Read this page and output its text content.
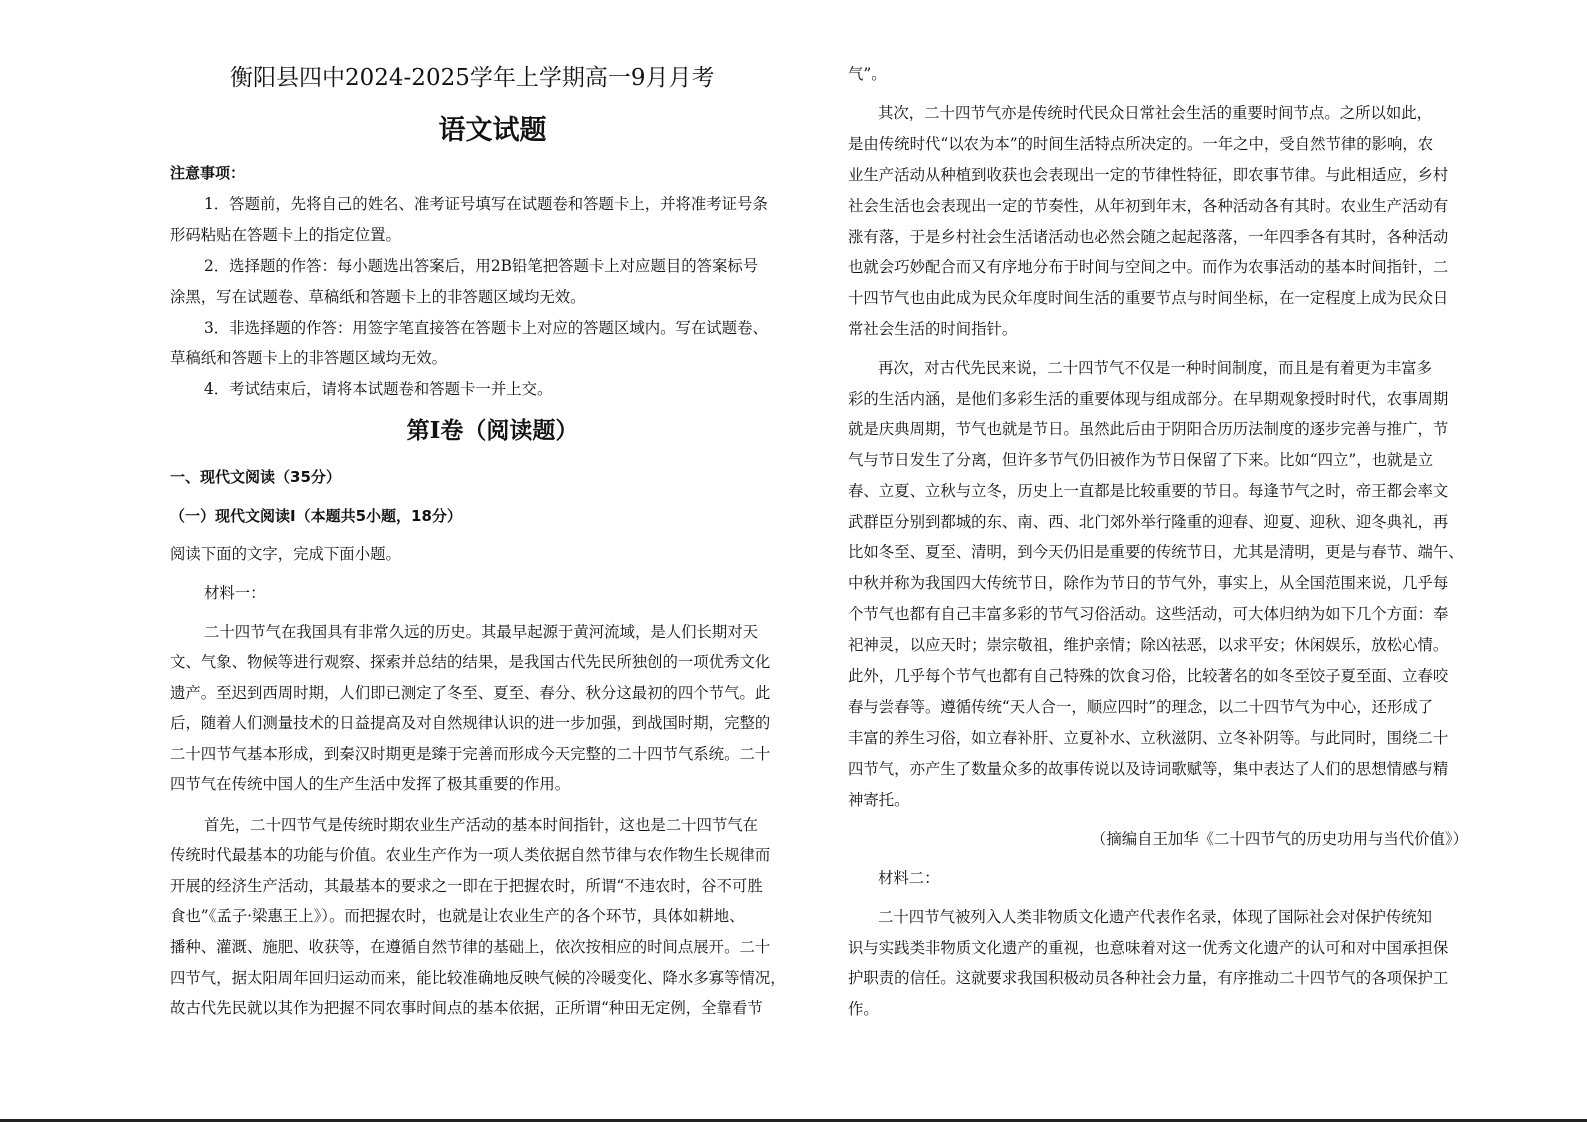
衡阳县四中2024-2025学年上学期高一9月月考
语文试题
注意事项：
1．答题前，先将自己的姓名、准考证号填写在试题卷和答题卡上，并将准考证号条
形码粘贴在答题卡上的指定位置。
2．选择题的作答：每小题选出答案后，用2B铅笔把答题卡上对应题目的答案标号
涂黑，写在试题卷、草稿纸和答题卡上的非答题区域均无效。
3．非选择题的作答：用签字笔直接答在答题卡上对应的答题区域内。写在试题卷、
草稿纸和答题卡上的非答题区域均无效。
4．考试结束后，请将本试题卷和答题卡一并上交。
第Ⅰ卷（阅读题）
一、现代文阅读（35分）
（一）现代文阅读Ⅰ（本题共5小题，18分）
阅读下面的文字，完成下面小题。
材料一：
二十四节气在我国具有非常久远的历史。其最早起源于黄河流域，是人们长期对天
文、气象、物候等进行观察、探索并总结的结果，是我国古代先民所独创的一项优秀文化
遗产。至迟到西周时期，人们即已测定了冬至、夏至、春分、秋分这最初的四个节气。此
后，随着人们测量技术的日益提高及对自然规律认识的进一步加强，到战国时期，完整的
二十四节气基本形成，到秦汉时期更是臻于完善而形成今天完整的二十四节气系统。二十
四节气在传统中国人的生产生活中发挥了极其重要的作用。
首先，二十四节气是传统时期农业生产活动的基本时间指针，这也是二十四节气在
传统时代最基本的功能与价值。农业生产作为一项人类依据自然节律与农作物生长规律而
开展的经济生产活动，其最基本的要求之一即在于把握农时，所谓“不违农时，谷不可胜
食也”《孟子·梁惠王上》）。而把握农时，也就是让农业生产的各个环节，具体如耕地、
播种、灌溉、施肥、收获等，在遵循自然节律的基础上，依次按相应的时间点展开。二十
四节气，据太阳周年回归运动而来，能比较准确地反映气候的冷暖变化、降水多寡等情况，
故古代先民就以其作为把握不同农事时间点的基本依据，正所谓“种田无定例，全靠看节
气”。
其次，二十四节气亦是传统时代民众日常社会生活的重要时间节点。之所以如此，
是由传统时代“以农为本”的时间生活特点所决定的。一年之中，受自然节律的影响，农
业生产活动从种植到收获也会表现出一定的节律性特征，即农事节律。与此相适应，乡村
社会生活也会表现出一定的节奏性，从年初到年末，各种活动各有其时。农业生产活动有
涨有落，于是乡村社会生活诸活动也必然会随之起起落落，一年四季各有其时，各种活动
也就会巧妙配合而又有序地分布于时间与空间之中。而作为农事活动的基本时间指针，二
十四节气也由此成为民众年度时间生活的重要节点与时间坐标，在一定程度上成为民众日
常社会生活的时间指针。
再次，对古代先民来说，二十四节气不仅是一种时间制度，而且是有着更为丰富多
彩的生活内涵，是他们多彩生活的重要体现与组成部分。在早期观象授时时代，农事周期
就是庆典周期，节气也就是节日。虽然此后由于阴阳合历历法制度的逐步完善与推广，节
气与节日发生了分离，但许多节气仍旧被作为节日保留了下来。比如“四立”，也就是立
春、立夏、立秋与立冬，历史上一直都是比较重要的节日。每逢节气之时，帝王都会率文
武群臣分别到都城的东、南、西、北门郊外举行隆重的迎春、迎夏、迎秋、迎冬典礼，再
比如冬至、夏至、清明，到今天仍旧是重要的传统节日，尤其是清明，更是与春节、端午、
中秋并称为我国四大传统节日，除作为节日的节气外，事实上，从全国范围来说，几乎每
个节气也都有自己丰富多彩的节气习俗活动。这些活动，可大体归纳为如下几个方面：奉
祀神灵，以应天时；崇宗敬祖，维护亲情；除凶祛恶，以求平安；休闲娱乐，放松心情。
此外，几乎每个节气也都有自己特殊的饮食习俗，比较著名的如冬至饺子夏至面、立春咬
春与尝春等。遵循传统“天人合一，顺应四时”的理念，以二十四节气为中心，还形成了
丰富的养生习俗，如立春补肝、立夏补水、立秋滋阴、立冬补阴等。与此同时，围绕二十
四节气，亦产生了数量众多的故事传说以及诗词歌赋等，集中表达了人们的思想情感与精
神寄托。
（摘编自王加华《二十四节气的历史功用与当代价值》）
材料二：
二十四节气被列入人类非物质文化遗产代表作名录，体现了国际社会对保护传统知
识与实践类非物质文化遗产的重视，也意味着对这一优秀文化遗产的认可和对中国承担保
护职责的信任。这就要求我国积极动员各种社会力量，有序推动二十四节气的各项保护工
作。
